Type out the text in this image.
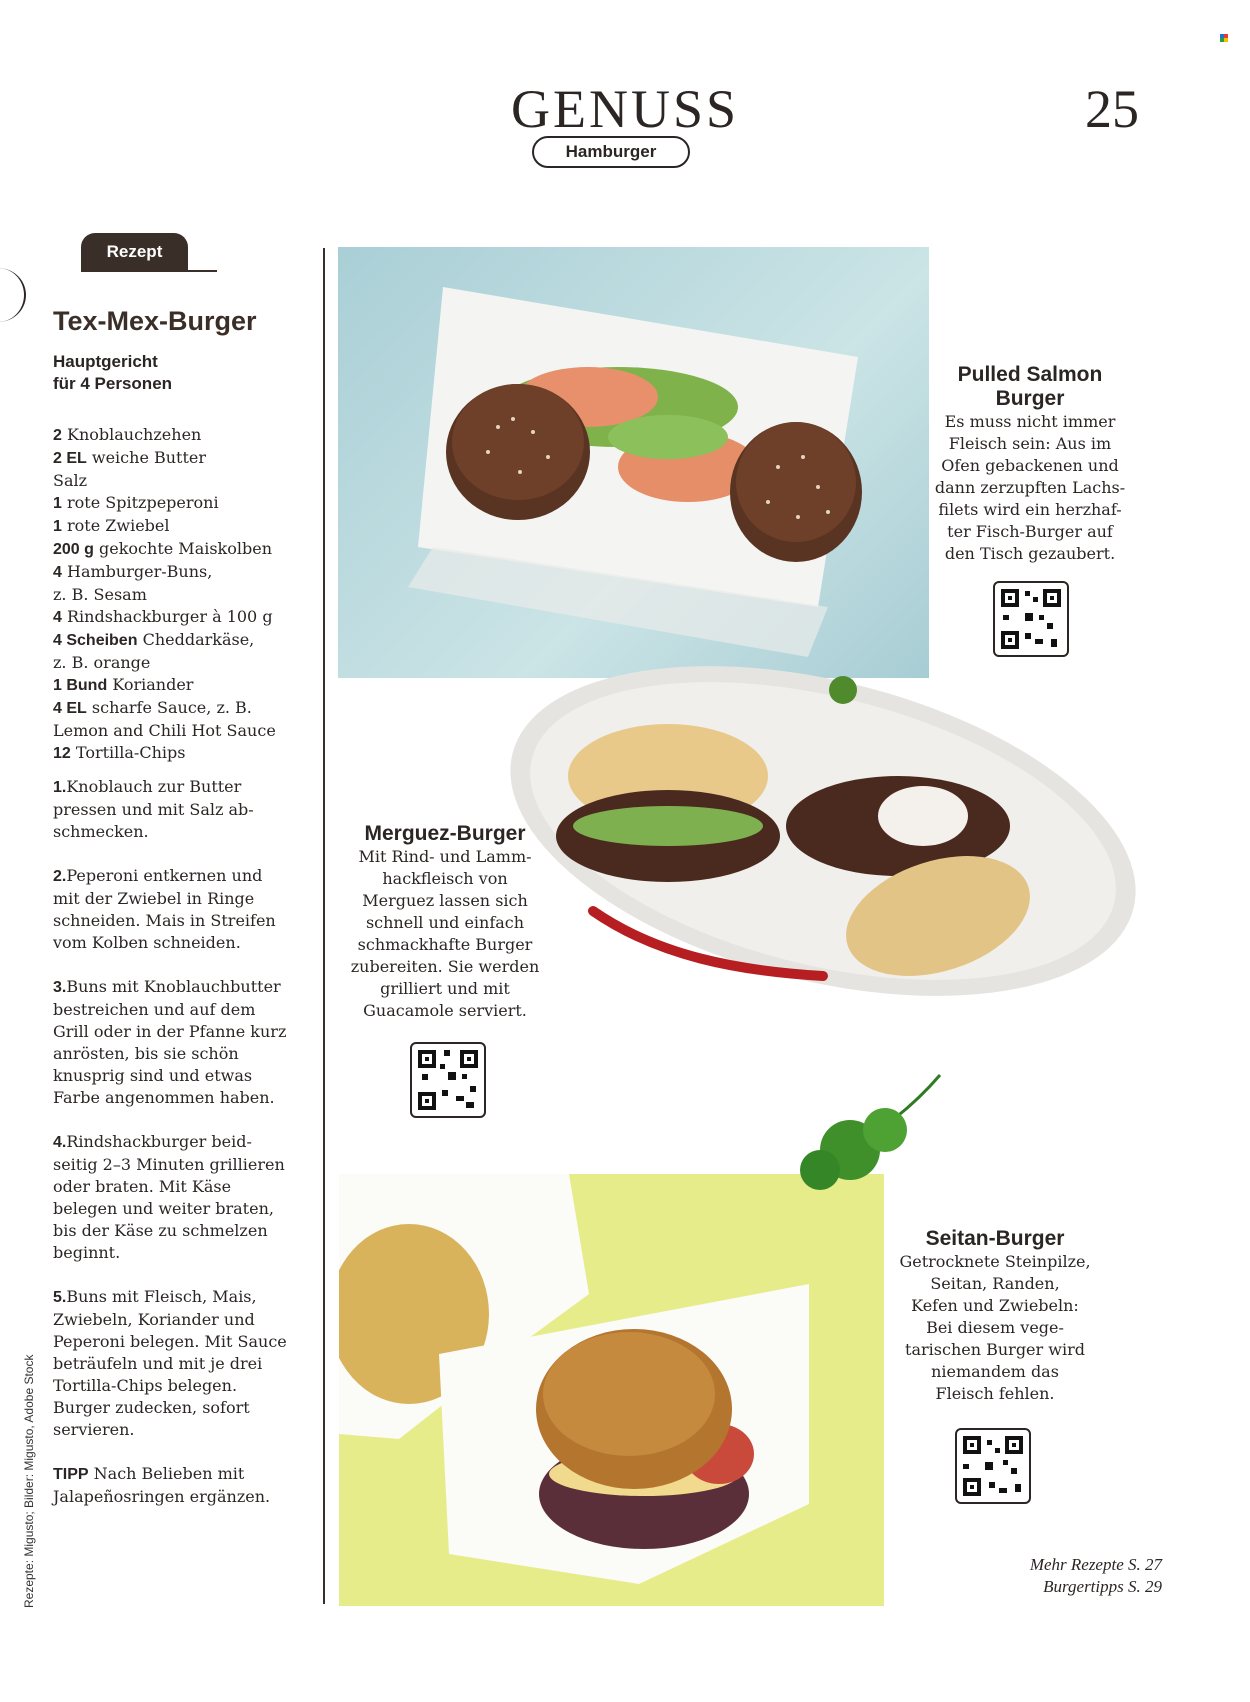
GENUSS	25
Hamburger
Rezept
Tex-Mex-Burger
Hauptgericht
für 4 Personen
2 Knoblauchzehen
2 EL weiche Butter
Salz
1 rote Spitzpeperoni
1 rote Zwiebel
200 g gekochte Maiskolben
4 Hamburger-Buns,
z. B. Sesam
4 Rindshackburger à 100 g
4 Scheiben Cheddarkäse,
z. B. orange
1 Bund Koriander
4 EL scharfe Sauce, z. B.
Lemon and Chili Hot Sauce
12 Tortilla-Chips
1.Knoblauch zur Butter
pressen und mit Salz ab-
schmecken.
2.Peperoni entkernen und
mit der Zwiebel in Ringe
schneiden. Mais in Streifen
vom Kolben schneiden.
3.Buns mit Knoblauchbutter
bestreichen und auf dem
Grill oder in der Pfanne kurz
anrösten, bis sie schön
knusprig sind und etwas
Farbe angenommen haben.
4.Rindshackburger beid-
seitig 2–3 Minuten grillieren
oder braten. Mit Käse
belegen und weiter braten,
bis der Käse zu schmelzen
beginnt.
5.Buns mit Fleisch, Mais,
Zwiebeln, Koriander und
Peperoni belegen. Mit Sauce
beträufeln und mit je drei
Tortilla-Chips belegen.
Burger zudecken, sofort
servieren.
TIPP Nach Belieben mit
Jalapeñosringen ergänzen.
Rezepte: Migusto; Bilder: Migusto, Adobe Stock
Pulled Salmon
Burger
Es muss nicht immer
Fleisch sein: Aus im
Ofen gebackenen und
dann zerzupften Lachs-
filets wird ein herzhaf-
ter Fisch-Burger auf
den Tisch gezaubert.
Merguez-Burger
Mit Rind- und Lamm-
hackfleisch von
Merguez lassen sich
schnell und einfach
schmackhafte Burger
zubereiten. Sie werden
grilliert und mit
Guacamole serviert.
Seitan-Burger
Getrocknete Steinpilze,
Seitan, Randen,
Kefen und Zwiebeln:
Bei diesem vege-
tarischen Burger wird
niemandem das
Fleisch fehlen.
Mehr Rezepte S. 27
Burgertipps S. 29
